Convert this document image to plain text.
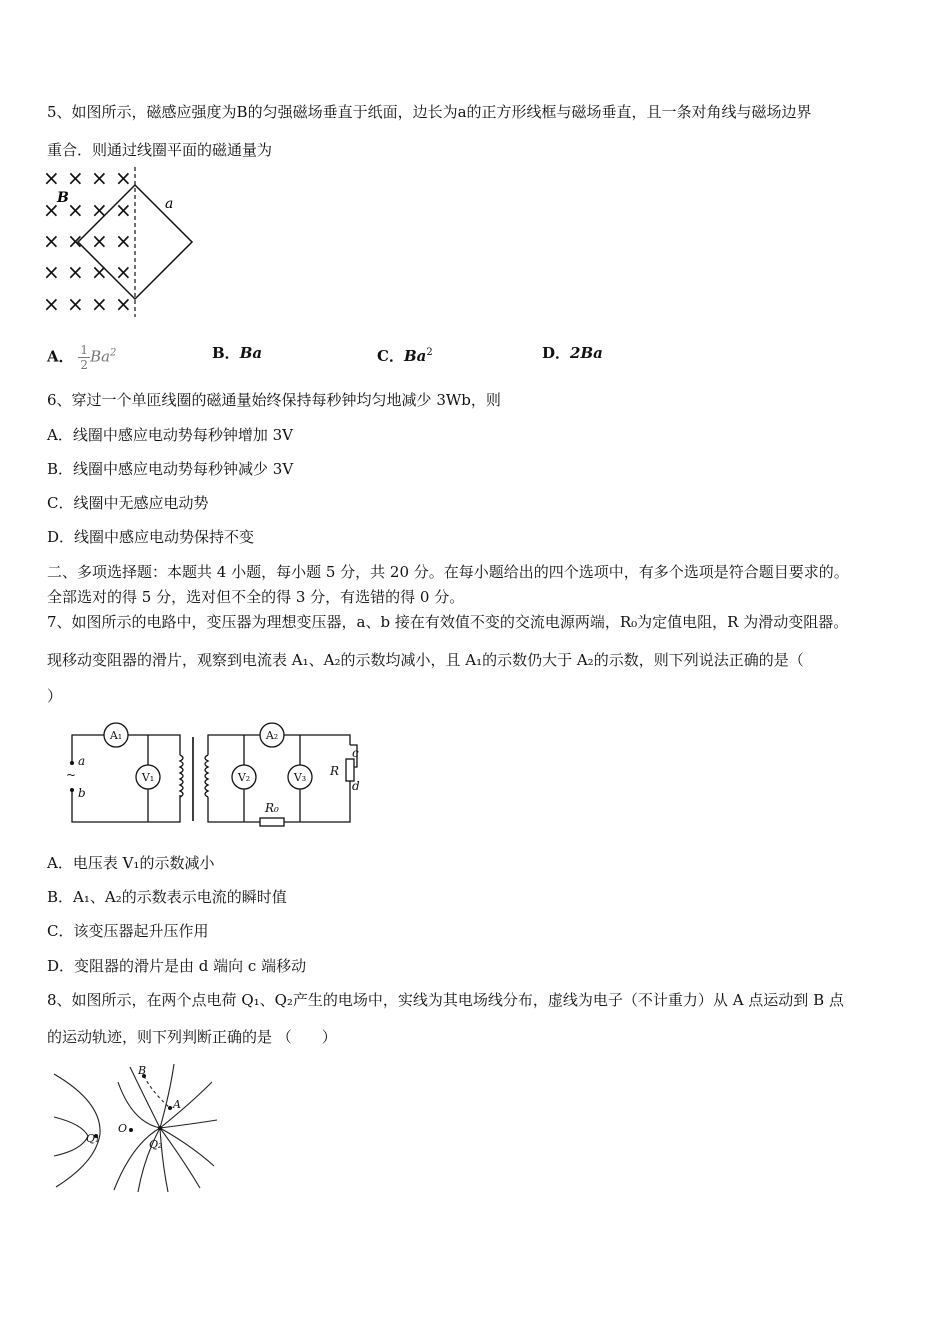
5、如图所示，磁感应强度为B的匀强磁场垂直于纸面，边长为a的正方形线框与磁场垂直，且一条对角线与磁场边界
重合．则通过线圈平面的磁通量为
× × × ×
× × × ×
× × × ×
× × × ×
× × × ×
B	a
A． $\frac{1}{2} Ba^2$	B．Ba	C．Ba$^2$	D．2Ba
6、穿过一个单匝线圈的磁通量始终保持每秒钟均匀地减少 3Wb，则
A．线圈中感应电动势每秒钟增加 3V
B．线圈中感应电动势每秒钟减少 3V
C．线圈中无感应电动势
D．线圈中感应电动势保持不变
二、多项选择题：本题共 4 小题，每小题 5 分，共 20 分。在每小题给出的四个选项中，有多个选项是符合题目要求的。
全部选对的得 5 分，选对但不全的得 3 分，有选错的得 0 分。
7、如图所示的电路中，变压器为理想变压器，a、b 接在有效值不变的交流电源两端，R₀为定值电阻，R 为滑动变阻器。
现移动变阻器的滑片，观察到电流表 A₁、A₂的示数均减小，且 A₁的示数仍大于 A₂的示数，则下列说法正确的是（
）
A₁
V₁
A₂
V₂	V₃
a
b
~	R
c
d
R₀
A．电压表 V₁的示数减小
B．A₁、A₂的示数表示电流的瞬时值
C．该变压器起升压作用
D．变阻器的滑片是由 d 端向 c 端移动
8、如图所示，在两个点电荷 Q₁、Q₂产生的电场中，实线为其电场线分布，虚线为电子（不计重力）从 A 点运动到 B 点
的运动轨迹，则下列判断正确的是 （　　）
B
A
O
Q₁	Q₂
